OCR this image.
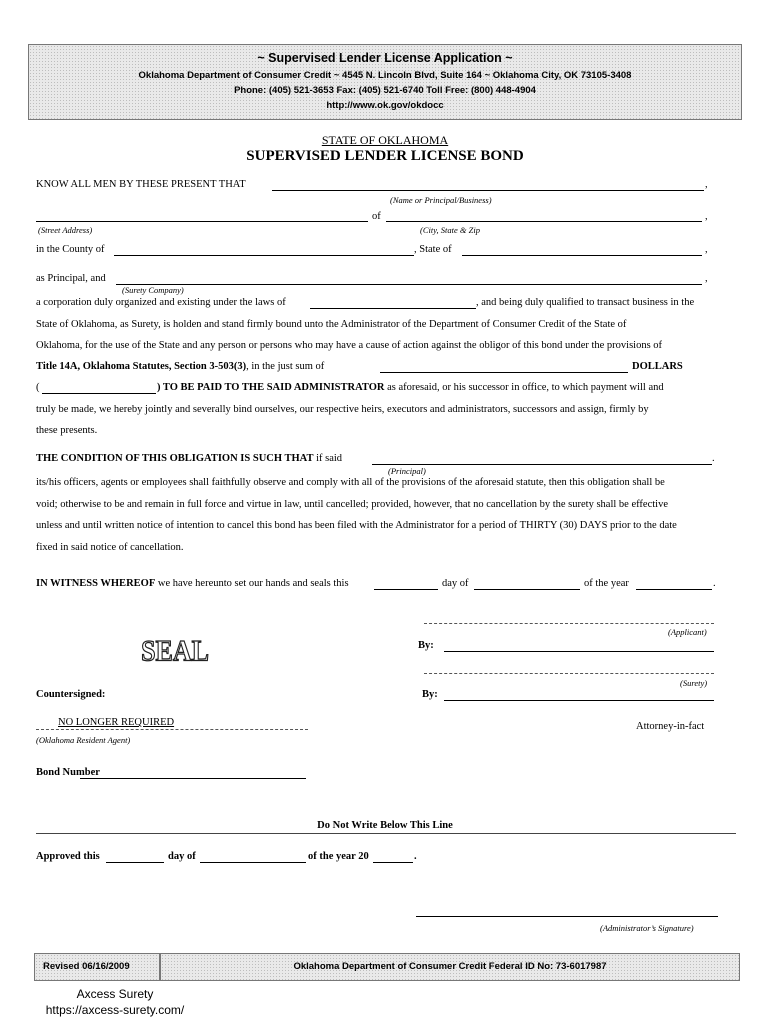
~ Supervised Lender License Application ~
Oklahoma Department of Consumer Credit ~ 4545 N. Lincoln Blvd, Suite 164 ~ Oklahoma City, OK 73105-3408
Phone: (405) 521-3653 Fax: (405) 521-6740 Toll Free: (800) 448-4904
http://www.ok.gov/okdocc
STATE OF OKLAHOMA
SUPERVISED LENDER LICENSE BOND
KNOW ALL MEN BY THESE PRESENT THAT	,
(Name or Principal/Business)
of	,
(Street Address)	(City, State & Zip
in the County of	, State of	,
as Principal, and	,
(Surety Company)
a corporation duly organized and existing under the laws of	, and being duly qualified to transact business in the
State of Oklahoma, as Surety, is holden and stand firmly bound unto the Administrator of the Department of Consumer Credit of the State of
Oklahoma, for the use of the State and any person or persons who may have a cause of action against the obligor of this bond under the provisions of
Title 14A, Oklahoma Statutes, Section 3-503(3), in the just sum of	DOLLARS
(	) TO BE PAID TO THE SAID ADMINISTRATOR as aforesaid, or his successor in office, to which payment will and
truly be made, we hereby jointly and severally bind ourselves, our respective heirs, executors and administrators, successors and assign, firmly by
these presents.
THE CONDITION OF THIS OBLIGATION IS SUCH THAT if said	.
(Principal)
its/his officers, agents or employees shall faithfully observe and comply with all of the provisions of the aforesaid statute, then this obligation shall be
void; otherwise to be and remain in full force and virtue in law, until cancelled; provided, however, that no cancellation by the surety shall be effective
unless and until written notice of intention to cancel this bond has been filed with the Administrator for a period of THIRTY (30) DAYS prior to the date
fixed in said notice of cancellation.
IN WITNESS WHEREOF we have hereunto set our hands and seals this	day of	of the year	.
(Applicant)
By:
SEAL
(Surety)
Countersigned:	By:
NO LONGER REQUIRED
(Oklahoma Resident Agent)
Attorney-in-fact
Bond Number
Do Not Write Below This Line
Approved this	day of	of the year 20	.
(Administrator’s Signature)
Revised 06/16/2009	Oklahoma Department of Consumer Credit Federal ID No: 73-6017987
Axcess Surety
https://axcess-surety.com/
